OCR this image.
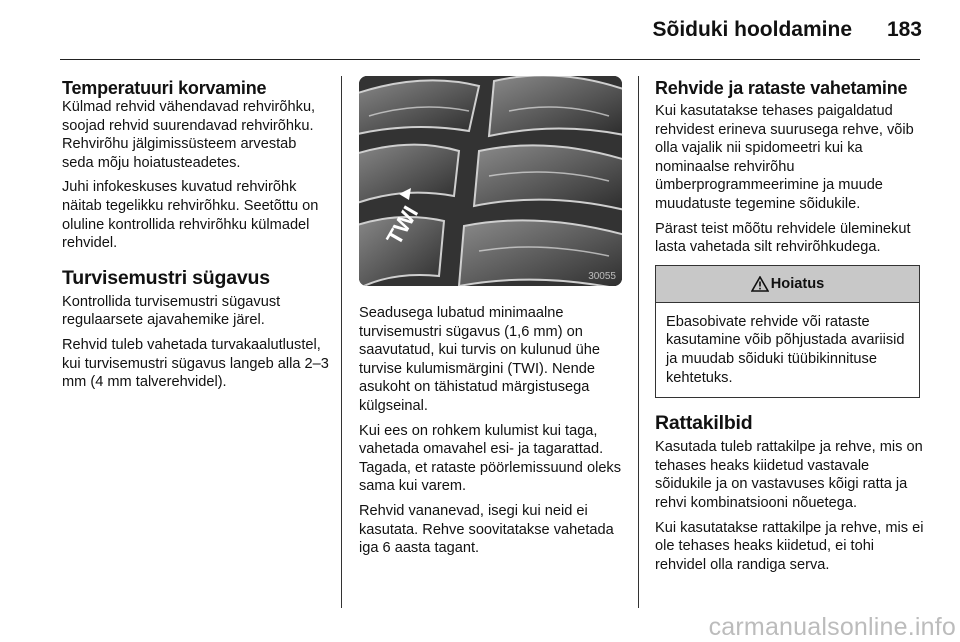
Sõiduki hooldamine 183
Temperatuuri korvamine

Külmad rehvid vähendavad rehvirõhku, soojad rehvid suurendavad rehvirõhku. Rehvirõhu jälgimissüsteem arvestab seda mõju hoiatusteadetes.

Juhi infokeskuses kuvatud rehvirõhk näitab tegelikku rehvirõhku. Seetõttu on oluline kontrollida rehvirõhku külmadel rehvidel.

Turvisemustri sügavus

Kontrollida turvisemustri sügavust regulaarsete ajavahemike järel.

Rehvid tuleb vahetada turvakaalutlustel, kui turvisemustri sügavus langeb alla 2–3 mm (4 mm talverehvidel).

TWI
30055

Seadusega lubatud minimaalne turvisemustri sügavus (1,6 mm) on saavutatud, kui turvis on kulunud ühe turvise kulumismärgini (TWI). Nende asukoht on tähistatud märgistusega külgseinal.

Kui ees on rohkem kulumist kui taga, vahetada omavahel esi- ja tagarattad. Tagada, et rataste pöörlemissuund oleks sama kui varem.

Rehvid vananevad, isegi kui neid ei kasutata. Rehve soovitatakse vahetada iga 6 aasta tagant.

Rehvide ja rataste vahetamine

Kui kasutatakse tehases paigaldatud rehvidest erineva suurusega rehve, võib olla vajalik nii spidomeetri kui ka nominaalse rehvirõhu ümberprogrammeerimine ja muude muudatuste tegemine sõidukile.

Pärast teist mõõtu rehvidele üleminekut lasta vahetada silt rehvirõhkudega.

Hoiatus

Ebasobivate rehvide või rataste kasutamine võib põhjustada avariisid ja muudab sõiduki tüübikinnituse kehtetuks.

Rattakilbid

Kasutada tuleb rattakilpe ja rehve, mis on tehases heaks kiidetud vastavale sõidukile ja on vastavuses kõigi ratta ja rehvi kombinatsiooni nõuetega.

Kui kasutatakse rattakilpe ja rehve, mis ei ole tehases heaks kiidetud, ei tohi rehvidel olla randiga serva.

carmanualsonline.info
